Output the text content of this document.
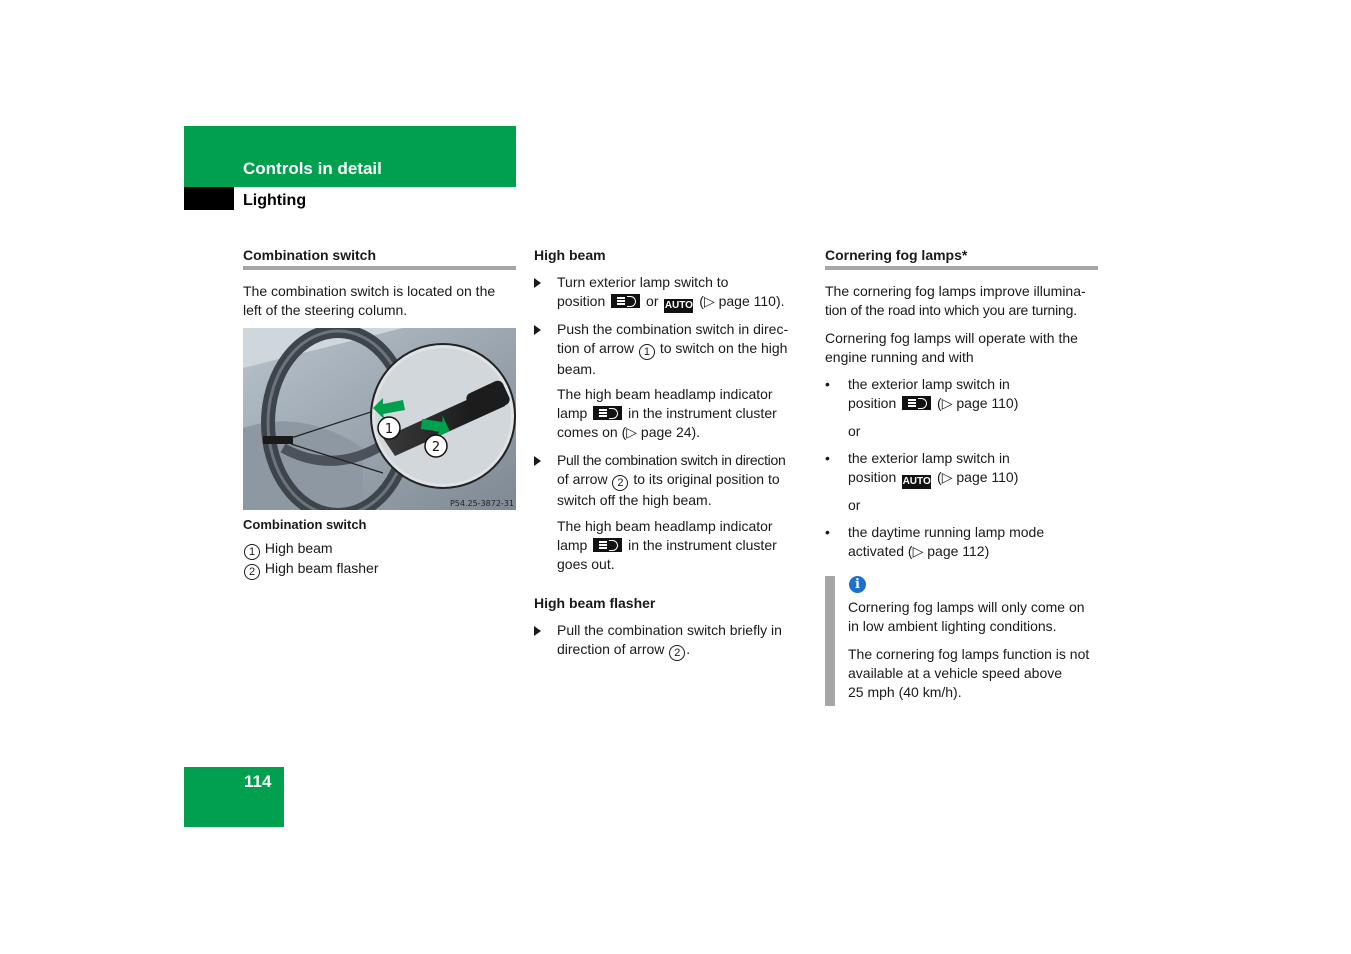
Controls in detail
Lighting
Combination switch

The combination switch is located on the left of the steering column.

1
2
P54.25-3872-31
Combination switch
1 High beam
2 High beam flasher
High beam
Turn exterior lamp switch to
position	or AUTO (▷ page 110).
Push the combination switch in direc-
tion of arrow 1 to switch on the high
beam.
The high beam headlamp indicator
lamp	in the instrument cluster
comes on (▷ page 24).
Pull the combination switch in direction
of arrow 2 to its original position to
switch off the high beam.
The high beam headlamp indicator
lamp	in the instrument cluster
goes out.
High beam flasher
Pull the combination switch briefly in
direction of arrow 2 .
Cornering fog lamps*
The cornering fog lamps improve illumina-
tion of the road into which you are turning.
Cornering fog lamps will operate with the
engine running and with
• the exterior lamp switch in
position	(▷ page 110)
or
• the exterior lamp switch in
position AUTO (▷ page 110)
or
• the daytime running lamp mode
activated (▷ page 112)
i
Cornering fog lamps will only come on
in low ambient lighting conditions.
The cornering fog lamps function is not
available at a vehicle speed above
25 mph (40 km/h).
114
